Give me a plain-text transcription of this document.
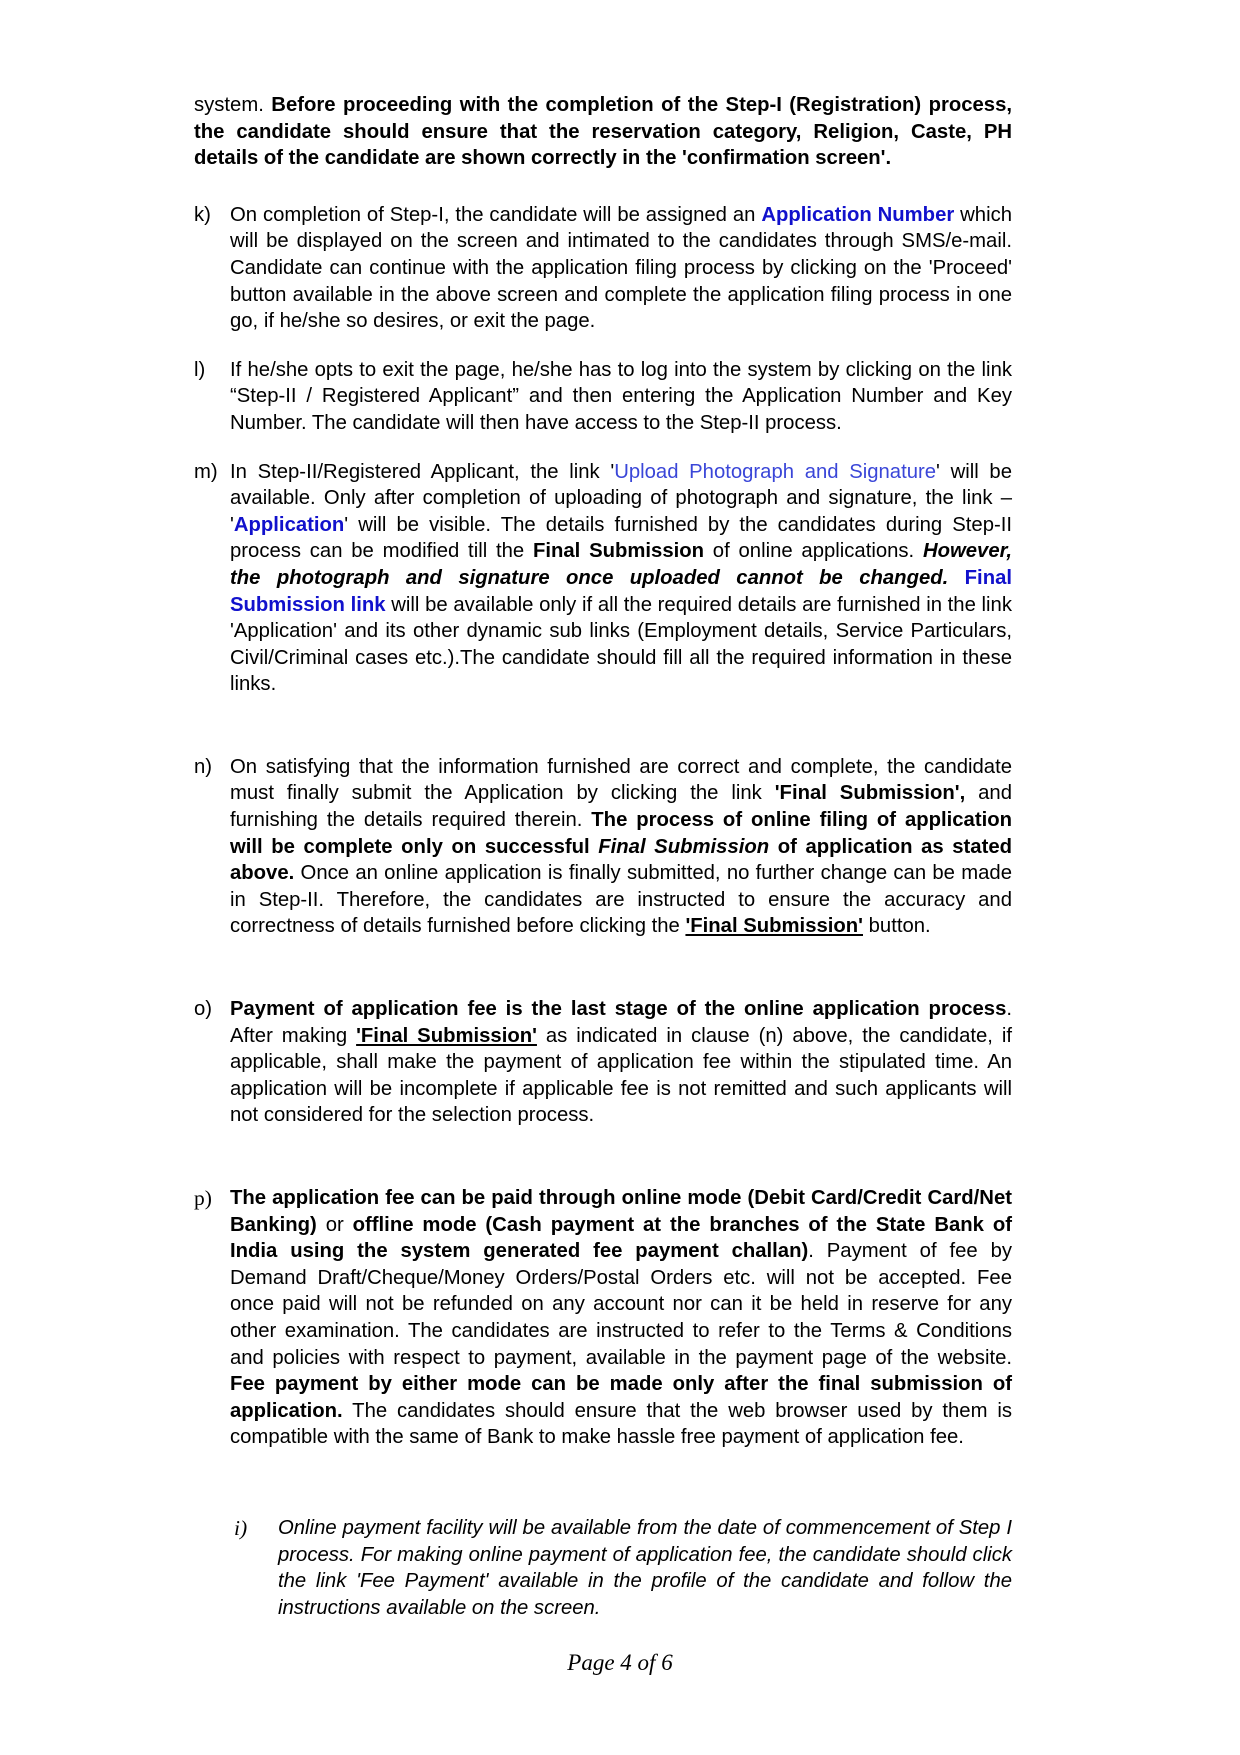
system. Before proceeding with the completion of the Step-I (Registration) process, the candidate should ensure that the reservation category, Religion, Caste, PH details of the candidate are shown correctly in the 'confirmation screen'.

k) On completion of Step-I, the candidate will be assigned an Application Number which will be displayed on the screen and intimated to the candidates through SMS/e-mail. Candidate can continue with the application filing process by clicking on the 'Proceed' button available in the above screen and complete the application filing process in one go, if he/she so desires, or exit the page.
l)	If he/she opts to exit the page, he/she has to log into the system by clicking on the link “Step-II / Registered Applicant” and then entering the Application Number and Key Number. The candidate will then have access to the Step-II process.
m) In Step-II/Registered Applicant, the link 'Upload Photograph and Signature' will be available. Only after completion of uploading of photograph and signature, the link – 'Application' will be visible. The details furnished by the candidates during Step-II process can be modified till the Final Submission of online applications. However, the photograph and signature once uploaded cannot be changed. Final Submission link will be available only if all the required details are furnished in the link 'Application' and its other dynamic sub links (Employment details, Service Particulars, Civil/Criminal cases etc.).The candidate should fill all the required information in these links.
n) On satisfying that the information furnished are correct and complete, the candidate must finally submit the Application by clicking the link 'Final Submission', and furnishing the details required therein. The process of online filing of application will be complete only on successful Final Submission of application as stated above. Once an online application is finally submitted, no further change can be made in Step-II. Therefore, the candidates are instructed to ensure the accuracy and correctness of details furnished before clicking the 'Final Submission' button.
o) Payment of application fee is the last stage of the online application process. After making 'Final Submission' as indicated in clause (n) above, the candidate, if applicable, shall make the payment of application fee within the stipulated time. An application will be incomplete if applicable fee is not remitted and such applicants will not considered for the selection process.
p) The application fee can be paid through online mode (Debit Card/Credit Card/Net Banking) or offline mode (Cash payment at the branches of the State Bank of India using the system generated fee payment challan). Payment of fee by Demand Draft/Cheque/Money Orders/Postal Orders etc. will not be accepted. Fee once paid will not be refunded on any account nor can it be held in reserve for any other examination. The candidates are instructed to refer to the Terms & Conditions and policies with respect to payment, available in the payment page of the website. Fee payment by either mode can be made only after the final submission of application. The candidates should ensure that the web browser used by them is compatible with the same of Bank to make hassle free payment of application fee.
i)	Online payment facility will be available from the date of commencement of Step I process. For making online payment of application fee, the candidate should click the link 'Fee Payment' available in the profile of the candidate and follow the instructions available on the screen.
Page 4 of 6
